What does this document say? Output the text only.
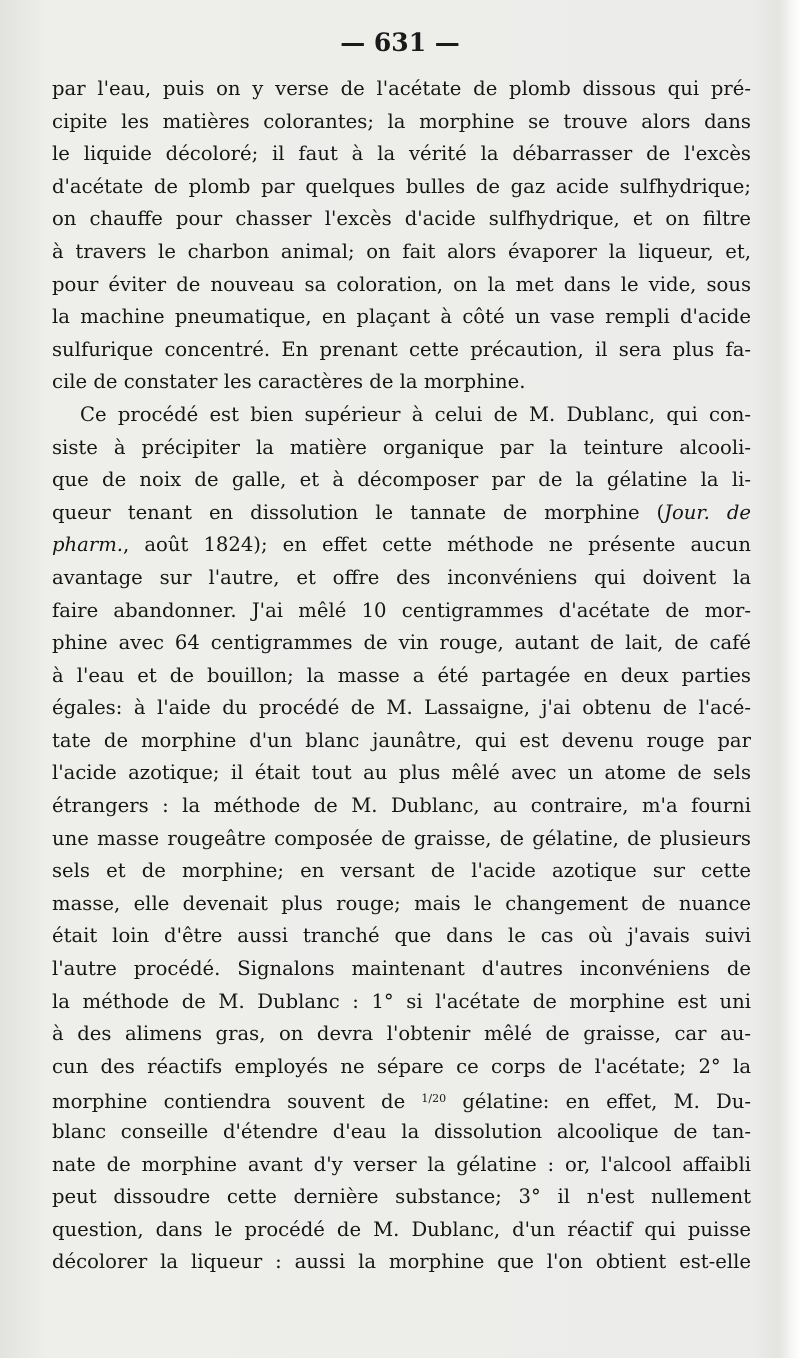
— 631 —
par l'eau, puis on y verse de l'acétate de plomb dissous qui pré-
cipite les matières colorantes; la morphine se trouve alors dans
le liquide décoloré; il faut à la vérité la débarrasser de l'excès
d'acétate de plomb par quelques bulles de gaz acide sulfhydrique;
on chauffe pour chasser l'excès d'acide sulfhydrique, et on filtre
à travers le charbon animal; on fait alors évaporer la liqueur, et,
pour éviter de nouveau sa coloration, on la met dans le vide, sous
la machine pneumatique, en plaçant à côté un vase rempli d'acide
sulfurique concentré. En prenant cette précaution, il sera plus fa-
cile de constater les caractères de la morphine.
Ce procédé est bien supérieur à celui de M. Dublanc, qui con-
siste à précipiter la matière organique par la teinture alcooli-
que de noix de galle, et à décomposer par de la gélatine la li-
queur tenant en dissolution le tannate de morphine (Jour. de
pharm., août 1824); en effet cette méthode ne présente aucun
avantage sur l'autre, et offre des inconvéniens qui doivent la
faire abandonner. J'ai mêlé 10 centigrammes d'acétate de mor-
phine avec 64 centigrammes de vin rouge, autant de lait, de café
à l'eau et de bouillon; la masse a été partagée en deux parties
égales: à l'aide du procédé de M. Lassaigne, j'ai obtenu de l'acé-
tate de morphine d'un blanc jaunâtre, qui est devenu rouge par
l'acide azotique; il était tout au plus mêlé avec un atome de sels
étrangers : la méthode de M. Dublanc, au contraire, m'a fourni
une masse rougeâtre composée de graisse, de gélatine, de plusieurs
sels et de morphine; en versant de l'acide azotique sur cette
masse, elle devenait plus rouge; mais le changement de nuance
était loin d'être aussi tranché que dans le cas où j'avais suivi
l'autre procédé. Signalons maintenant d'autres inconvéniens de
la méthode de M. Dublanc : 1° si l'acétate de morphine est uni
à des alimens gras, on devra l'obtenir mêlé de graisse, car au-
cun des réactifs employés ne sépare ce corps de l'acétate; 2° la
morphine contiendra souvent de $^{1/20}$ gélatine: en effet, M. Du-
blanc conseille d'étendre d'eau la dissolution alcoolique de tan-
nate de morphine avant d'y verser la gélatine : or, l'alcool affaibli
peut dissoudre cette dernière substance; 3° il n'est nullement
question, dans le procédé de M. Dublanc, d'un réactif qui puisse
décolorer la liqueur : aussi la morphine que l'on obtient est-elle
